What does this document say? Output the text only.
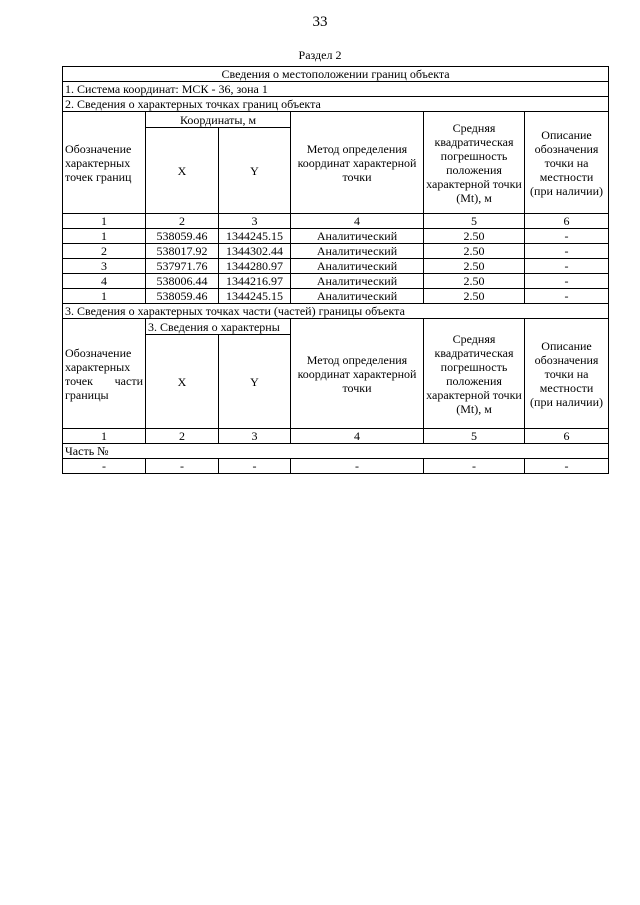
33
Раздел 2
Сведения о местоположении границ объекта					
1. Система координат: МСК - 36, зона 1					
2. Сведения о характерных точках границ объекта					
Обозначение характерных точек границ	Координаты, м		Метод определения координат характерной точки	Средняя квадратическая погрешность положения характерной точки (Mt), м	Описание обозначения точки на местности (при наличии)
	X	Y			
1	2	3	4	5	6
1	538059.46	1344245.15	Аналитический	2.50	-
2	538017.92	1344302.44	Аналитический	2.50	-
3	537971.76	1344280.97	Аналитический	2.50	-
4	538006.44	1344216.97	Аналитический	2.50	-
1	538059.46	1344245.15	Аналитический	2.50	-
3. Сведения о характерных точках части (частей) границы объекта					
Обозначение характерных точек части границы	3. Сведения о характерны		Метод определения координат характерной точки	Средняя квадратическая погрешность положения характерной точки (Mt), м	Описание обозначения точки на местности (при наличии)
	X	Y			
1	2	3	4	5	6
Часть №					
-	-	-	-	-	-
